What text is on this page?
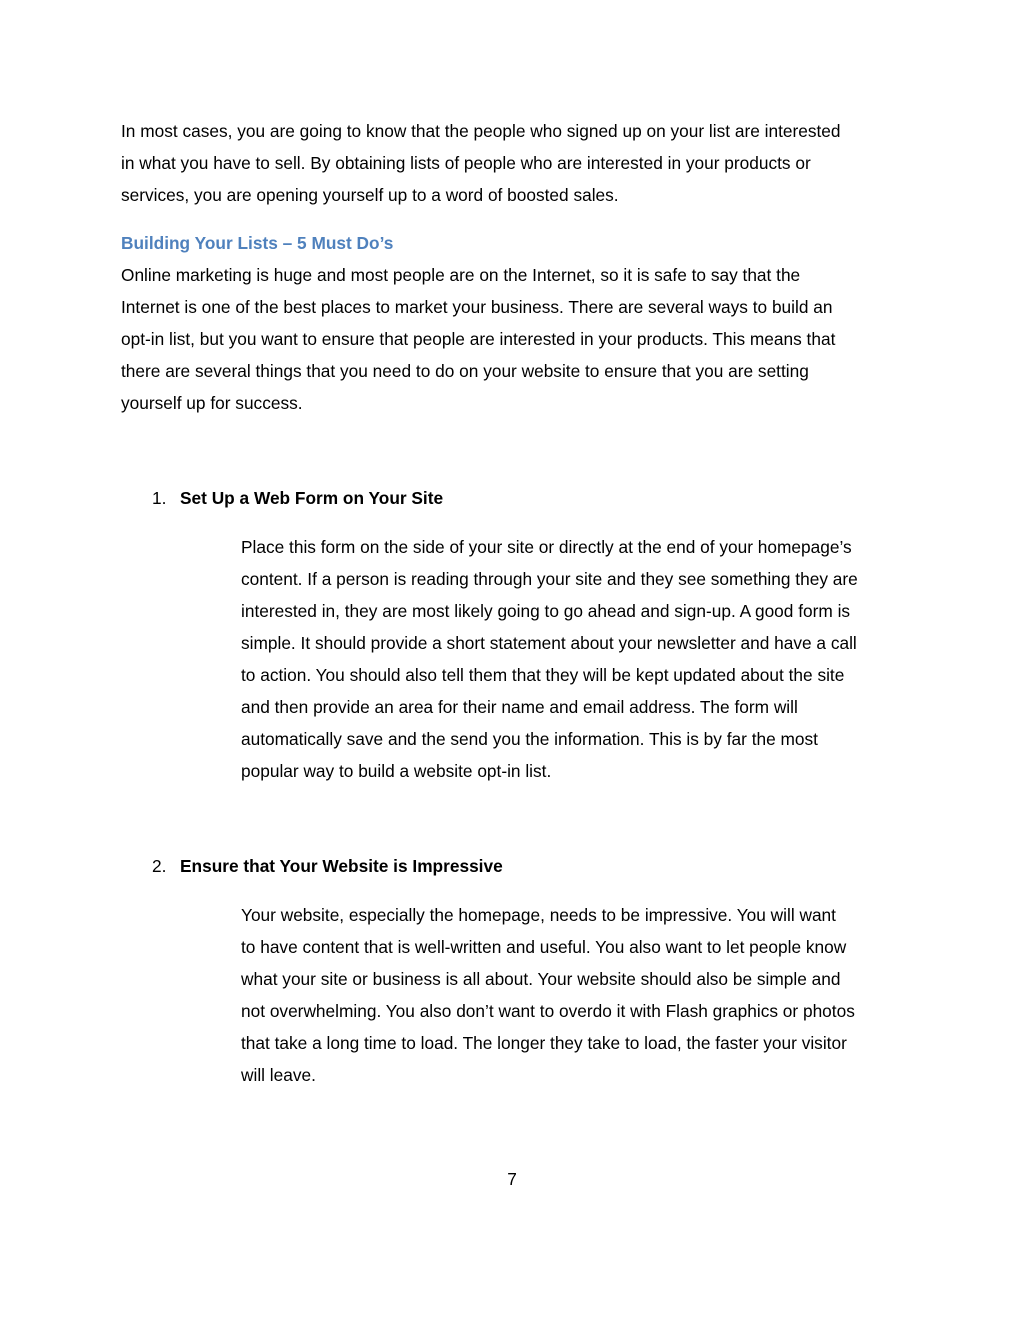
In most cases, you are going to know that the people who signed up on your list are interested
in what you have to sell. By obtaining lists of people who are interested in your products or
services, you are opening yourself up to a word of boosted sales.

Building Your Lists – 5 Must Do’s

Online marketing is huge and most people are on the Internet, so it is safe to say that the
Internet is one of the best places to market your business. There are several ways to build an
opt-in list, but you want to ensure that people are interested in your products. This means that
there are several things that you need to do on your website to ensure that you are setting
yourself up for success.

1. Set Up a Web Form on Your Site

Place this form on the side of your site or directly at the end of your homepage’s
content. If a person is reading through your site and they see something they are
interested in, they are most likely going to go ahead and sign-up. A good form is
simple. It should provide a short statement about your newsletter and have a call
to action. You should also tell them that they will be kept updated about the site
and then provide an area for their name and email address. The form will
automatically save and the send you the information. This is by far the most
popular way to build a website opt-in list.

2. Ensure that Your Website is Impressive

Your website, especially the homepage, needs to be impressive. You will want
to have content that is well-written and useful. You also want to let people know
what your site or business is all about. Your website should also be simple and
not overwhelming. You also don’t want to overdo it with Flash graphics or photos
that take a long time to load. The longer they take to load, the faster your visitor
will leave.

7
